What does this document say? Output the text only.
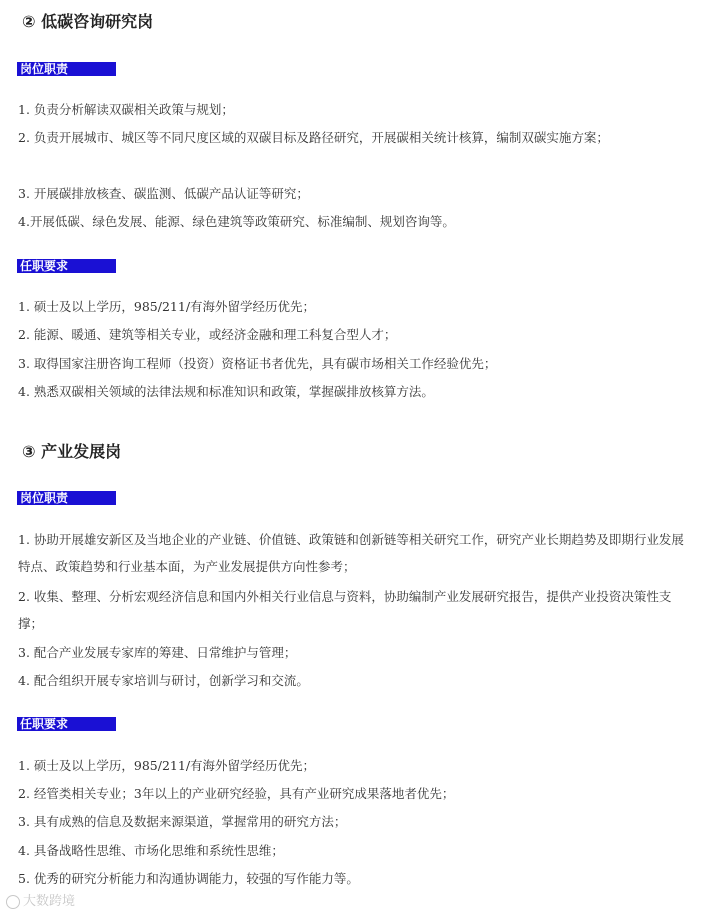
② 低碳咨询研究岗
岗位职责
1. 负责分析解读双碳相关政策与规划；
2. 负责开展城市、城区等不同尺度区域的双碳目标及路径研究，开展碳相关统计核算，编制双碳实施方案；
3. 开展碳排放核查、碳监测、低碳产品认证等研究；
4.开展低碳、绿色发展、能源、绿色建筑等政策研究、标准编制、规划咨询等。
任职要求
1. 硕士及以上学历，985/211/有海外留学经历优先；
2. 能源、暖通、建筑等相关专业，或经济金融和理工科复合型人才；
3. 取得国家注册咨询工程师（投资）资格证书者优先，具有碳市场相关工作经验优先；
4. 熟悉双碳相关领域的法律法规和标准知识和政策，掌握碳排放核算方法。
③ 产业发展岗
岗位职责
1. 协助开展雄安新区及当地企业的产业链、价值链、政策链和创新链等相关研究工作，研究产业长期趋势及即期行业发展特点、政策趋势和行业基本面，为产业发展提供方向性参考；
2. 收集、整理、分析宏观经济信息和国内外相关行业信息与资料，协助编制产业发展研究报告，提供产业投资决策性支撑；
3. 配合产业发展专家库的筹建、日常维护与管理；
4. 配合组织开展专家培训与研讨，创新学习和交流。
任职要求
1. 硕士及以上学历，985/211/有海外留学经历优先；
2. 经管类相关专业；3年以上的产业研究经验，具有产业研究成果落地者优先；
3. 具有成熟的信息及数据来源渠道，掌握常用的研究方法；
4. 具备战略性思维、市场化思维和系统性思维；
5. 优秀的研究分析能力和沟通协调能力，较强的写作能力等。
大数跨境
